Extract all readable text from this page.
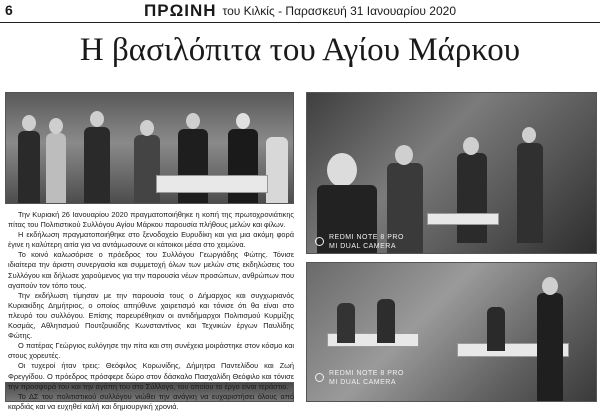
6	ΠΡΩΙΝΗ του Κιλκίς - Παρασκευή 31 Ιανουαρίου 2020
Η βασιλόπιτα του Αγίου Μάρκου
REDMI NOTE 8 PRO
MI DUAL CAMERA
REDMI NOTE 8 PRO
MI DUAL CAMERA

Την Κυριακή 26 Ιανουαρίου 2020 πραγματοποιήθηκε η κοπή της πρωτοχρονιάτικης πίτας του Πολιτιστικού Συλλόγου Αγίου Μάρκου παρουσία πλήθους μελών και φίλων.

Η εκδήλωση πραγματοποιήθηκε στο ξενοδοχείο Ευρυδίκη και για μια ακόμη φορά έγινε η καλύτερη αιτία για να αντάμωσουνε οι κάτοικοι μέσα στο χειμώνα.

Το κοινό καλωσόρισε ο πρόεδρος του Συλλόγου Γεωργιάδης Φώτης. Τόνισε ιδιαίτερα την άριστη συνεργασία και συμμετοχή όλων των μελών στις εκδηλώσεις του Συλλόγου και δήλωσε χαρούμενος για την παρουσία νέων προσώπων, ανθρώπων που αγαπούν τον τόπο τους.

Την εκδήλωση τίμησαν με την παρουσία τους ο Δήμαρχος και συγχωριανός Κυριακίδης Δημήτριος, ο οποίος απηύθυνε χαιρετισμό και τόνισε ότι θα είναι στο πλευρό του συλλόγου. Επίσης παρευρέθηκαν οι αντιδήμαρχοι Πολιτισμού Κυρμίζης Κοσμάς, Αθλητισμού Πουτζουκίδης Κωνσταντίνος και Τεχνικών έργων Παυλίδης Φώτης.

Ο πατέρας Γεώργιος ευλόγησε την πίτα και στη συνέχεια μοιράστηκε στον κόσμο και στους χορευτές.

Οι τυχεροί ήταν τρεις: Θεόφιλος Κορωνίδης, Δήμητρα Παντελίδου και Ζωή Φρεγγίδου. Ο πρόεδρος πρόσφερε δώρο στον δάσκαλο Πασχαλίδη Θεόφιλο και τόνισε την προσφορά του και την αγάπη του στο Σύλλογο, του οποίου το έργο είναι τεράστιο.

Το ΔΣ του πολιτιστικού συλλόγου νιώθει την ανάγκη να ευχαριστήσει όλους από καρδιάς και να ευχηθεί καλή και δημιουργική χρονιά.
